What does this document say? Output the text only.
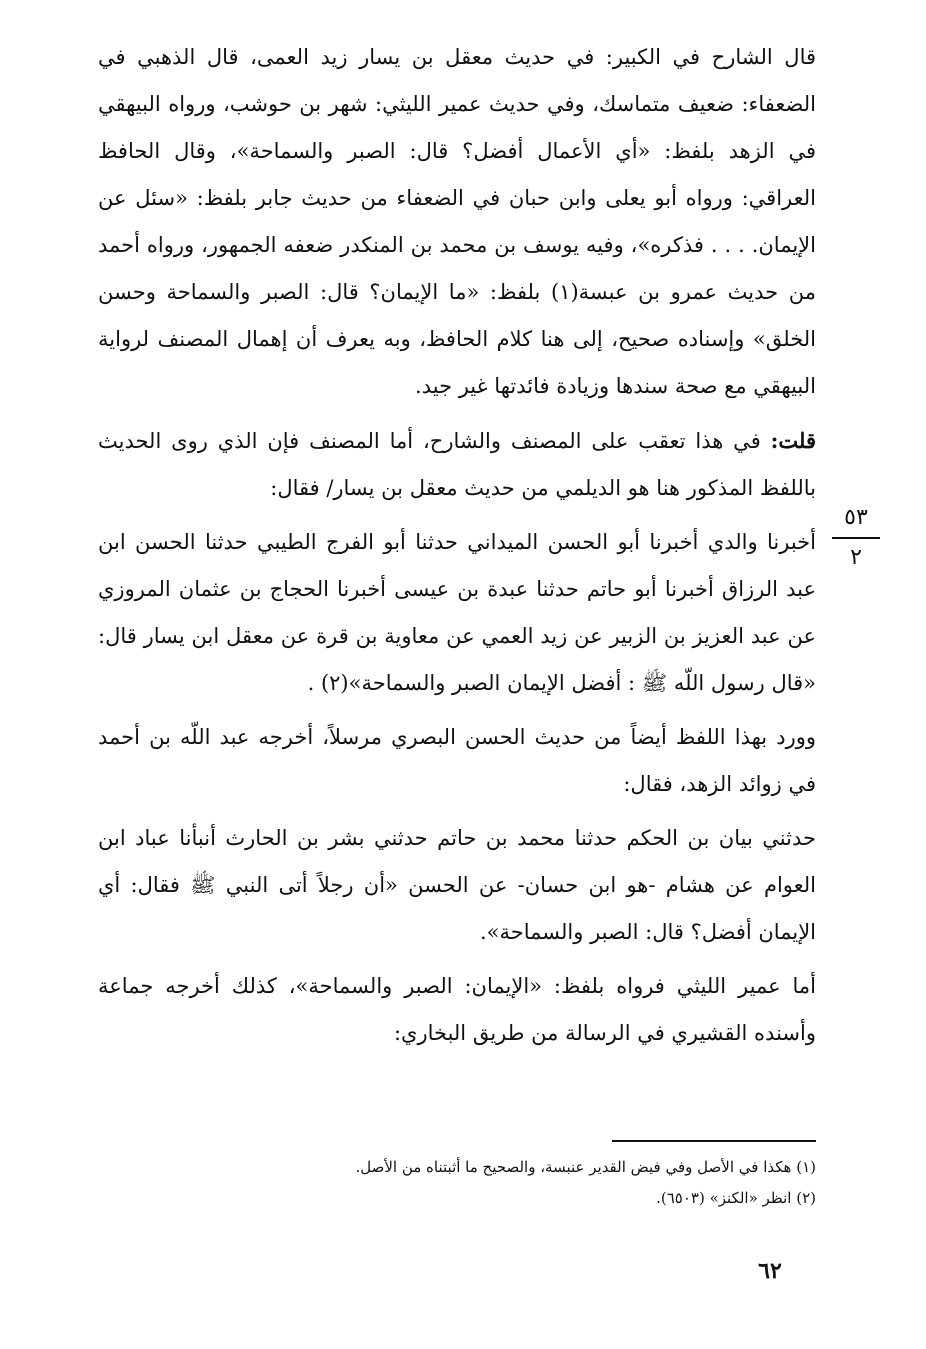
قال الشارح في الكبير: في حديث معقل بن يسار زيد العمى، قال الذهبي في الضعفاء: ضعيف متماسك، وفي حديث عمير الليثي: شهر بن حوشب، ورواه البيهقي في الزهد بلفظ: «أي الأعمال أفضل؟ قال: الصبر والسماحة»، وقال الحافظ العراقي: ورواه أبو يعلى وابن حبان في الضعفاء من حديث جابر بلفظ: «سئل عن الإيمان. . . . فذكره»، وفيه يوسف بن محمد بن المنكدر ضعفه الجمهور، ورواه أحمد من حديث عمرو بن عبسة(١) بلفظ: «ما الإيمان؟ قال: الصبر والسماحة وحسن الخلق» وإسناده صحيح، إلى هنا كلام الحافظ، وبه يعرف أن إهمال المصنف لرواية البيهقي مع صحة سندها وزيادة فائدتها غير جيد.

قلت: في هذا تعقب على المصنف والشارح، أما المصنف فإن الذي روى الحديث باللفظ المذكور هنا هو الديلمي من حديث معقل بن يسار/ فقال:

أخبرنا والدي أخبرنا أبو الحسن الميداني حدثنا أبو الفرج الطيبي حدثنا الحسن ابن عبد الرزاق أخبرنا أبو حاتم حدثنا عبدة بن عيسى أخبرنا الحجاج بن عثمان المروزي عن عبد العزيز بن الزبير عن زيد العمي عن معاوية بن قرة عن معقل ابن يسار قال: «قال رسول اللّه ﷺ : أفضل الإيمان الصبر والسماحة»(٢) .

وورد بهذا اللفظ أيضاً من حديث الحسن البصري مرسلاً، أخرجه عبد اللّه بن أحمد في زوائد الزهد، فقال:

حدثني بيان بن الحكم حدثنا محمد بن حاتم حدثني بشر بن الحارث أنبأنا عباد ابن العوام عن هشام -هو ابن حسان- عن الحسن «أن رجلاً أتى النبي ﷺ فقال: أي الإيمان أفضل؟ قال: الصبر والسماحة».

أما عمير الليثي فرواه بلفظ: «الإيمان: الصبر والسماحة»، كذلك أخرجه جماعة وأسنده القشيري في الرسالة من طريق البخاري:

٥٣
٢

(١) هكذا في الأصل وفي فيض القدير عنبسة، والصحيح ما أثبتناه من الأصل.

(٢) انظر «الكنز» (٦٥٠٣).

٦٢
